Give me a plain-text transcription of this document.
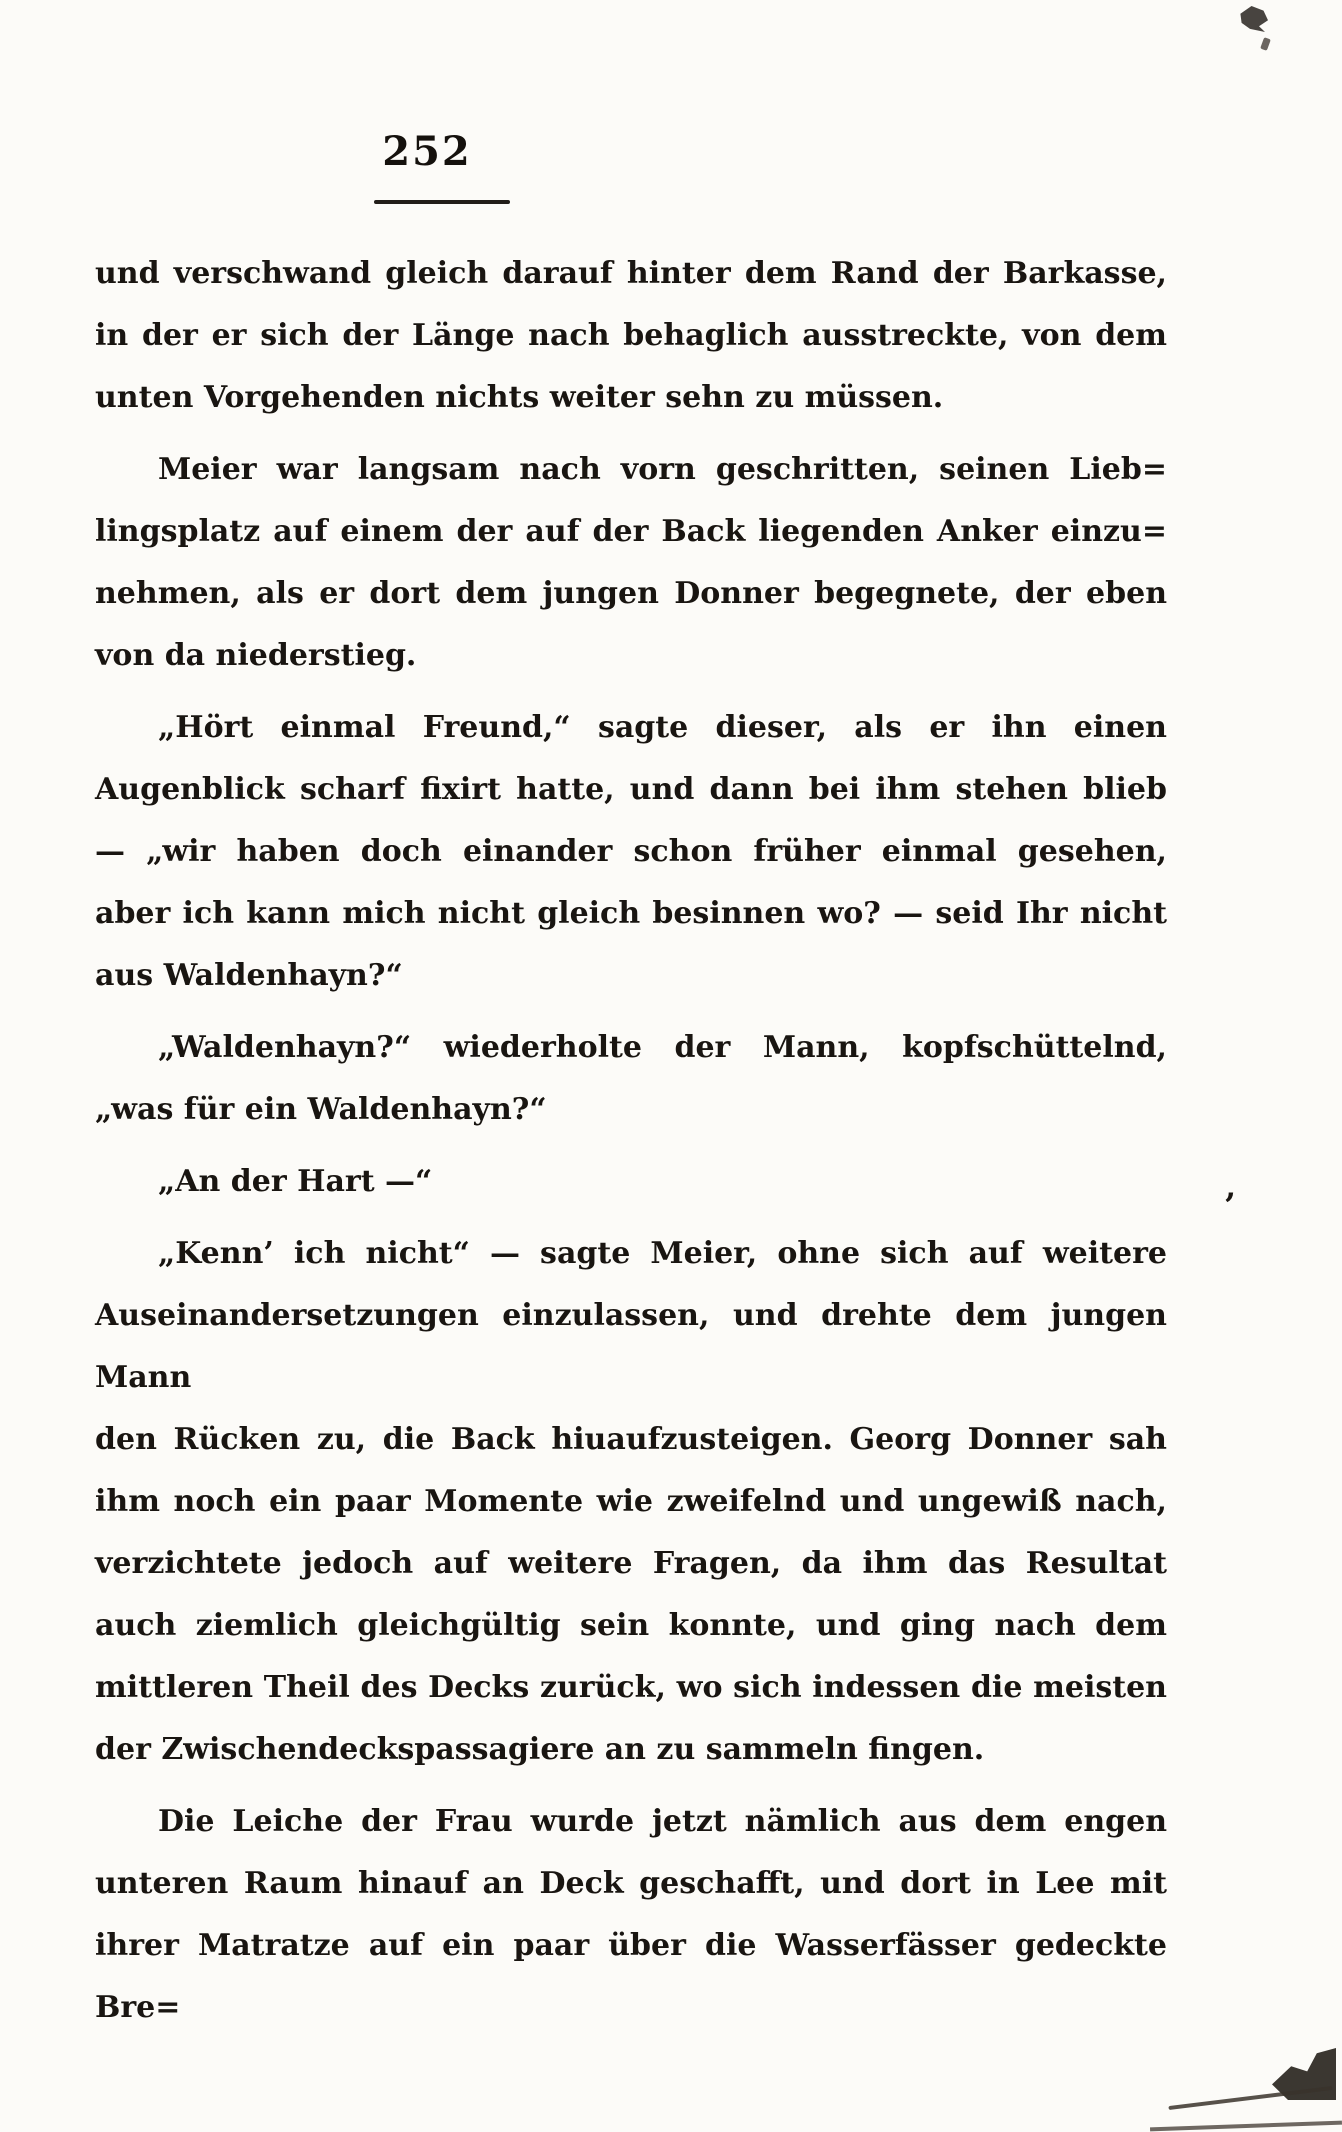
252
und verschwand gleich darauf hinter dem Rand der Barkasse,
in der er sich der Länge nach behaglich ausstreckte, von dem
unten Vorgehenden nichts weiter sehn zu müssen.
Meier war langsam nach vorn geschritten, seinen Lieb=
lingsplatz auf einem der auf der Back liegenden Anker einzu=
nehmen, als er dort dem jungen Donner begegnete, der eben
von da niederstieg.
„Hört einmal Freund,“ sagte dieser, als er ihn einen
Augenblick scharf fixirt hatte, und dann bei ihm stehen blieb
— „wir haben doch einander schon früher einmal gesehen,
aber ich kann mich nicht gleich besinnen wo? — seid Ihr nicht
aus Waldenhayn?“
„Waldenhayn?“ wiederholte der Mann, kopfschüttelnd,
„was für ein Waldenhayn?“
„An der Hart —“
„Kenn’ ich nicht“ — sagte Meier, ohne sich auf weitere
Auseinandersetzungen einzulassen, und drehte dem jungen Mann
den Rücken zu, die Back hiuaufzusteigen. Georg Donner sah
ihm noch ein paar Momente wie zweifelnd und ungewiß nach,
verzichtete jedoch auf weitere Fragen, da ihm das Resultat
auch ziemlich gleichgültig sein konnte, und ging nach dem
mittleren Theil des Decks zurück, wo sich indessen die meisten
der Zwischendeckspassagiere an zu sammeln fingen.
Die Leiche der Frau wurde jetzt nämlich aus dem engen
unteren Raum hinauf an Deck geschafft, und dort in Lee mit
ihrer Matratze auf ein paar über die Wasserfässer gedeckte Bre=
’
